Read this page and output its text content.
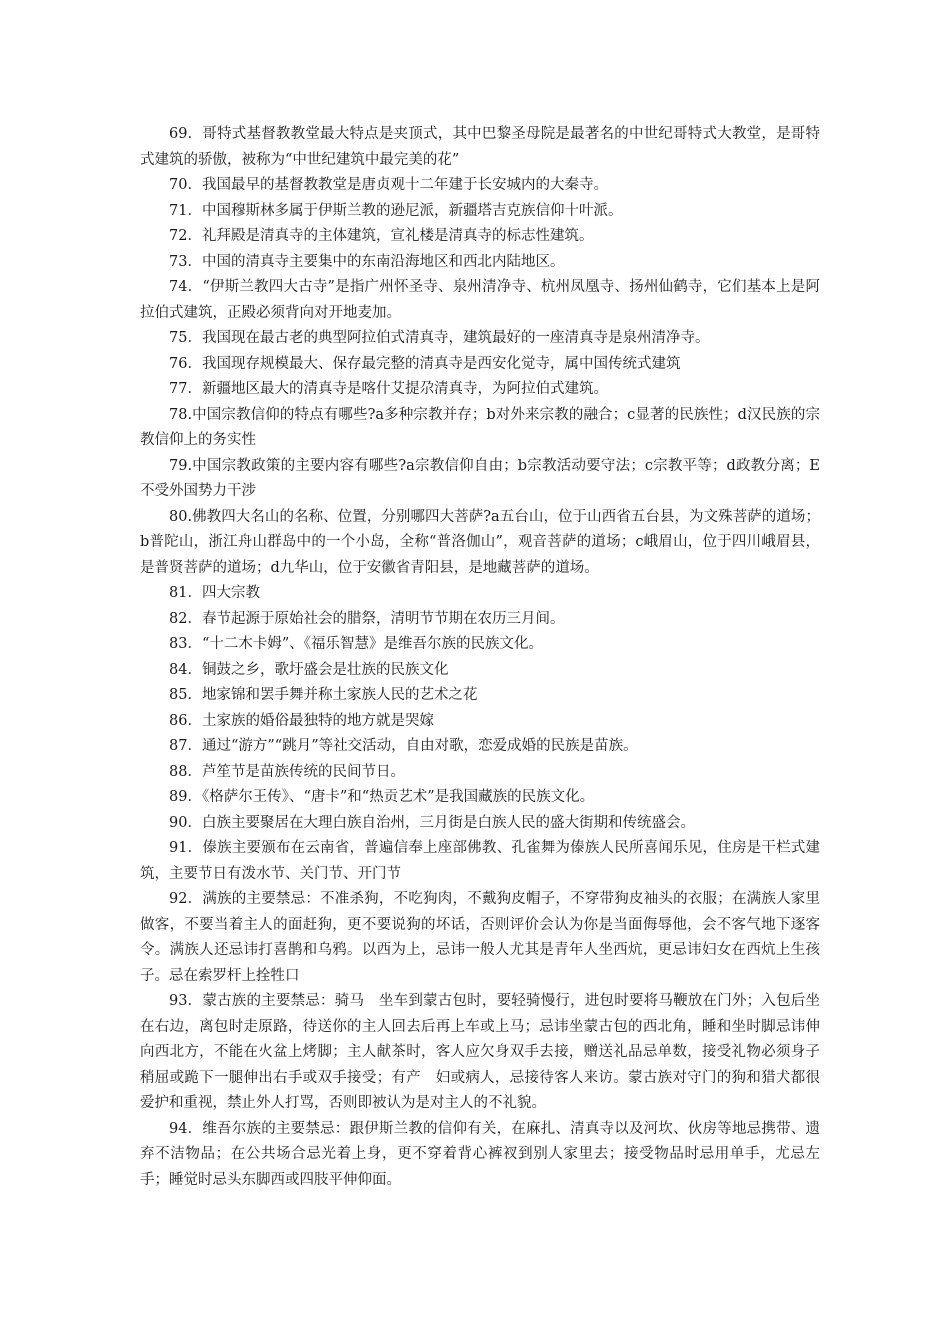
69．哥特式基督教教堂最大特点是夹顶式，其中巴黎圣母院是最著名的中世纪哥特式大教堂，是哥特式建筑的骄傲，被称为“中世纪建筑中最完美的花”

70．我国最早的基督教教堂是唐贞观十二年建于长安城内的大秦寺。

71．中国穆斯林多属于伊斯兰教的逊尼派，新疆塔吉克族信仰十叶派。

72．礼拜殿是清真寺的主体建筑，宣礼楼是清真寺的标志性建筑。

73．中国的清真寺主要集中的东南沿海地区和西北内陆地区。

74．“伊斯兰教四大古寺”是指广州怀圣寺、泉州清净寺、杭州凤凰寺、扬州仙鹤寺，它们基本上是阿拉伯式建筑，正殿必须背向对开地麦加。

75．我国现在最古老的典型阿拉伯式清真寺，建筑最好的一座清真寺是泉州清净寺。

76．我国现存规模最大、保存最完整的清真寺是西安化觉寺，属中国传统式建筑

77．新疆地区最大的清真寺是喀什艾提尕清真寺，为阿拉伯式建筑。

78.中国宗教信仰的特点有哪些?a多种宗教并存；b对外来宗教的融合；c显著的民族性；d汉民族的宗教信仰上的务实性

79.中国宗教政策的主要内容有哪些?a宗教信仰自由；b宗教活动要守法；c宗教平等；d政教分离；E不受外国势力干涉

80.佛教四大名山的名称、位置，分别哪四大菩萨?a五台山，位于山西省五台县，为文殊菩萨的道场；b普陀山，浙江舟山群岛中的一个小岛，全称“普洛伽山”，观音菩萨的道场；c峨眉山，位于四川峨眉县，是普贤菩萨的道场；d九华山，位于安徽省青阳县，是地藏菩萨的道场。

81．四大宗教

82．春节起源于原始社会的腊祭，清明节节期在农历三月间。

83．“十二木卡姆”、《福乐智慧》是维吾尔族的民族文化。

84．铜鼓之乡，歌圩盛会是壮族的民族文化

85．地家锦和罢手舞并称土家族人民的艺术之花

86．土家族的婚俗最独特的地方就是哭嫁

87．通过“游方”“跳月”等社交活动，自由对歌，恋爱成婚的民族是苗族。

88．芦笙节是苗族传统的民间节日。

89．《格萨尔王传》、“唐卡”和“热贡艺术”是我国藏族的民族文化。

90．白族主要聚居在大理白族自治州，三月街是白族人民的盛大街期和传统盛会。

91．傣族主要颁布在云南省，普遍信奉上座部佛教、孔雀舞为傣族人民所喜闻乐见，住房是干栏式建筑，主要节日有泼水节、关门节、开门节

92．满族的主要禁忌：不准杀狗，不吃狗肉，不戴狗皮帽子，不穿带狗皮袖头的衣服；在满族人家里做客，不要当着主人的面赶狗，更不要说狗的坏话，否则评价会认为你是当面侮辱他，会不客气地下逐客令。满族人还忌讳打喜鹊和乌鸦。以西为上，忌讳一般人尤其是青年人坐西炕，更忌讳妇女在西炕上生孩子。忌在索罗杆上拴牲口

93．蒙古族的主要禁忌：骑马　坐车到蒙古包时，要轻骑慢行，进包时要将马鞭放在门外；入包后坐在右边，离包时走原路，待送你的主人回去后再上车或上马；忌讳坐蒙古包的西北角，睡和坐时脚忌讳伸向西北方，不能在火盆上烤脚；主人献茶时，客人应欠身双手去接，赠送礼品忌单数，接受礼物必须身子稍屈或跪下一腿伸出右手或双手接受；有产　妇或病人，忌接待客人来访。蒙古族对守门的狗和猎犬都很爱护和重视，禁止外人打骂，否则即被认为是对主人的不礼貌。

94．维吾尔族的主要禁忌：跟伊斯兰教的信仰有关，在麻扎、清真寺以及河坎、伙房等地忌携带、遗弃不洁物品；在公共场合忌光着上身，更不穿着背心裤衩到别人家里去；接受物品时忌用单手，尤忌左手；睡觉时忌头东脚西或四肢平伸仰面。
